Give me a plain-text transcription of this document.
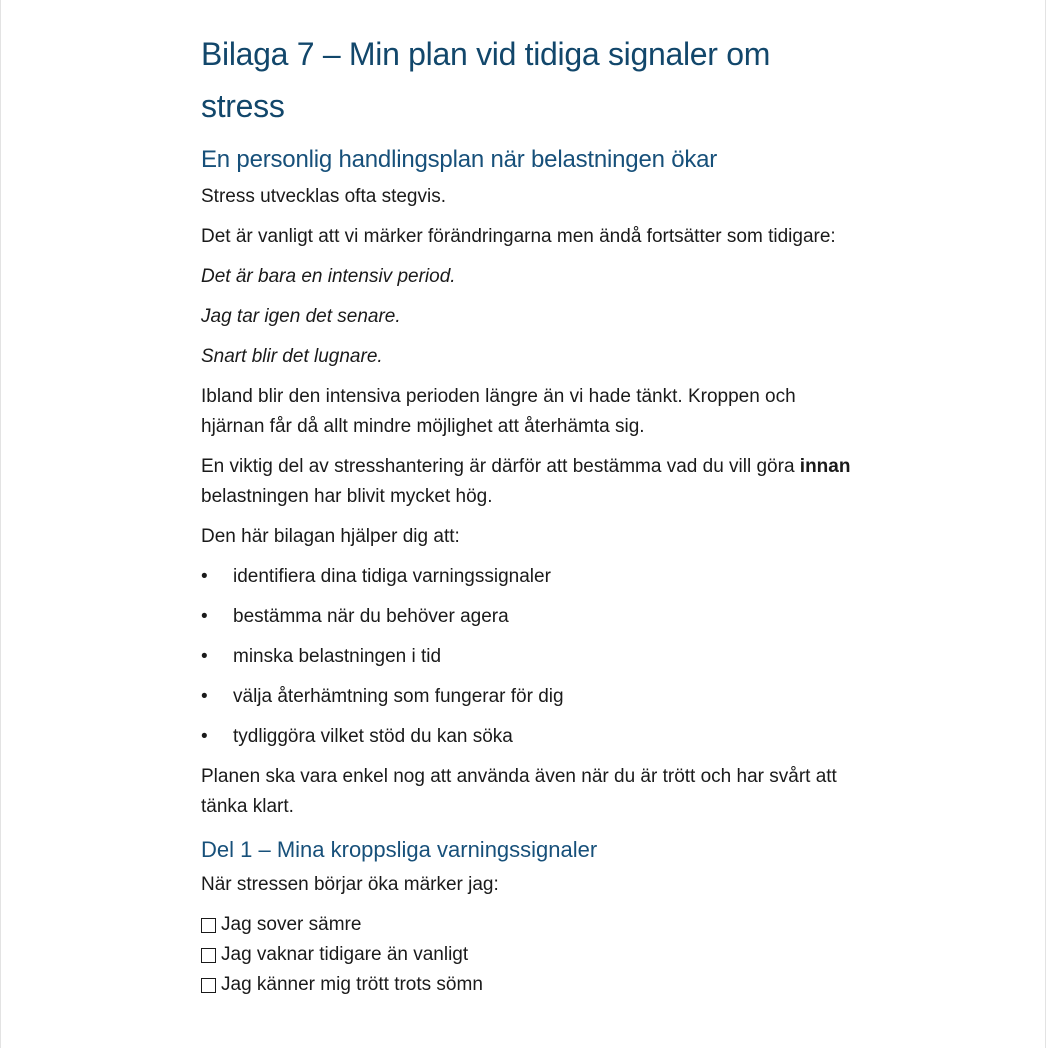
Bilaga 7 – Min plan vid tidiga signaler om stress
En personlig handlingsplan när belastningen ökar

Stress utvecklas ofta stegvis.

Det är vanligt att vi märker förändringarna men ändå fortsätter som tidigare:

Det är bara en intensiv period.

Jag tar igen det senare.

Snart blir det lugnare.

Ibland blir den intensiva perioden längre än vi hade tänkt. Kroppen och hjärnan får då allt mindre möjlighet att återhämta sig.

En viktig del av stresshantering är därför att bestämma vad du vill göra innan belastningen har blivit mycket hög.

Den här bilagan hjälper dig att:

• identifiera dina tidiga varningssignaler
• bestämma när du behöver agera
• minska belastningen i tid
• välja återhämtning som fungerar för dig
• tydliggöra vilket stöd du kan söka

Planen ska vara enkel nog att använda även när du är trött och har svårt att tänka klart.

Del 1 – Mina kroppsliga varningssignaler

När stressen börjar öka märker jag:

Jag sover sämre
Jag vaknar tidigare än vanligt
Jag känner mig trött trots sömn
